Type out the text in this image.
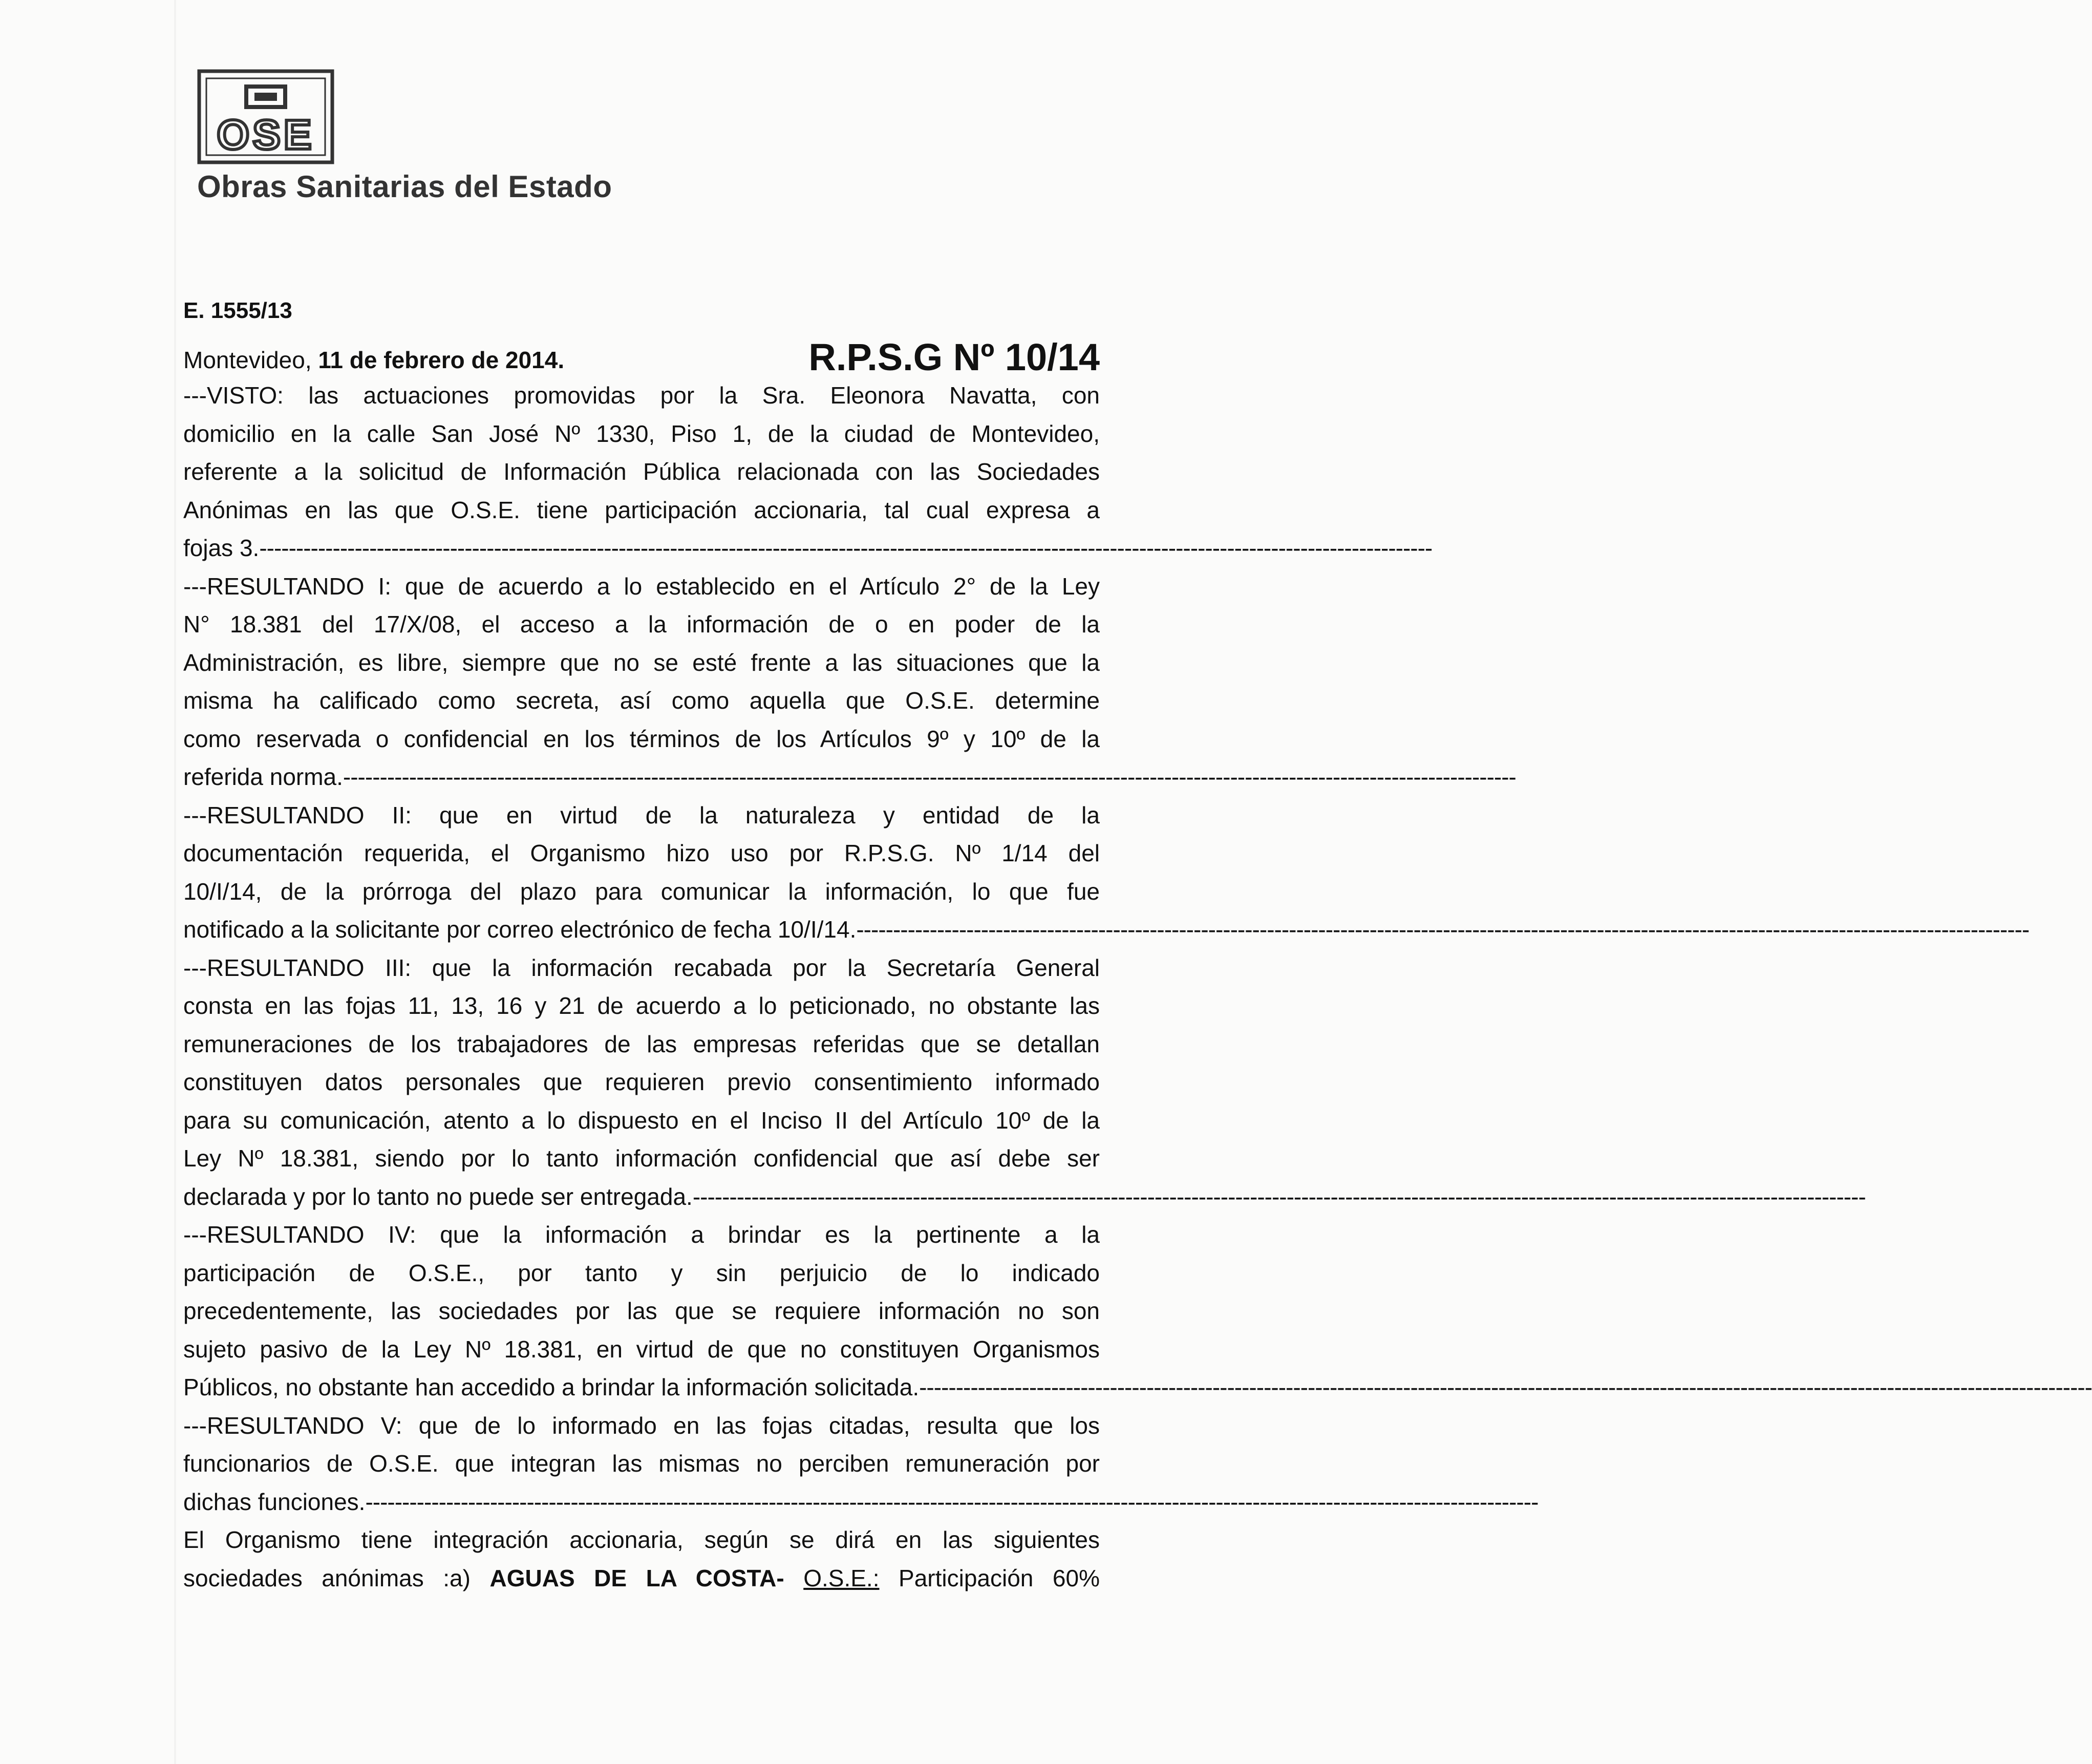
OSE
Obras Sanitarias del Estado
E. 1555/13
Montevideo, 11 de febrero de 2014.	R.P.S.G Nº 10/14
---VISTO: las actuaciones promovidas por la Sra. Eleonora Navatta, con
domicilio en la calle San José Nº 1330, Piso 1, de la ciudad de Montevideo,
referente a la solicitud de Información Pública relacionada con las Sociedades
Anónimas en las que O.S.E. tiene participación accionaria, tal cual expresa a
fojas 3. ----------------------------------------------------------------------------------------------------------------------------------------------------------------
---RESULTANDO I: que de acuerdo a lo establecido en el Artículo 2° de la Ley
N° 18.381 del 17/X/08, el acceso a la información de o en poder de la
Administración, es libre, siempre que no se esté frente a las situaciones que la
misma ha calificado como secreta, así como aquella que O.S.E. determine
como reservada o confidencial en los términos de los Artículos 9º y 10º de la
referida norma. ----------------------------------------------------------------------------------------------------------------------------------------------------------------
---RESULTANDO II: que en virtud de la naturaleza y entidad de la
documentación requerida, el Organismo hizo uso por R.P.S.G. Nº 1/14 del
10/I/14, de la prórroga del plazo para comunicar la información, lo que fue
notificado a la solicitante por correo electrónico de fecha 10/I/14. ----------------------------------------------------------------------------------------------------------------------------------------------------------------
---RESULTANDO III: que la información recabada por la Secretaría General
consta en las fojas 11, 13, 16 y 21 de acuerdo a lo peticionado, no obstante las
remuneraciones de los trabajadores de las empresas referidas que se detallan
constituyen datos personales que requieren previo consentimiento informado
para su comunicación, atento a lo dispuesto en el Inciso II del Artículo 10º de la
Ley Nº 18.381, siendo por lo tanto información confidencial que así debe ser
declarada y por lo tanto no puede ser entregada. ----------------------------------------------------------------------------------------------------------------------------------------------------------------
---RESULTANDO IV: que la información a brindar es la pertinente a la
participación de O.S.E., por tanto y sin perjuicio de lo indicado
precedentemente, las sociedades por las que se requiere información no son
sujeto pasivo de la Ley Nº 18.381, en virtud de que no constituyen Organismos
Públicos, no obstante han accedido a brindar la información solicitada. ----------------------------------------------------------------------------------------------------------------------------------------------------------------
---RESULTANDO V: que de lo informado en las fojas citadas, resulta que los
funcionarios de O.S.E. que integran las mismas no perciben remuneración por
dichas funciones. ----------------------------------------------------------------------------------------------------------------------------------------------------------------
El Organismo tiene integración accionaria, según se dirá en las siguientes
sociedades anónimas :a) AGUAS DE LA COSTA- O.S.E.: Participación 60%
